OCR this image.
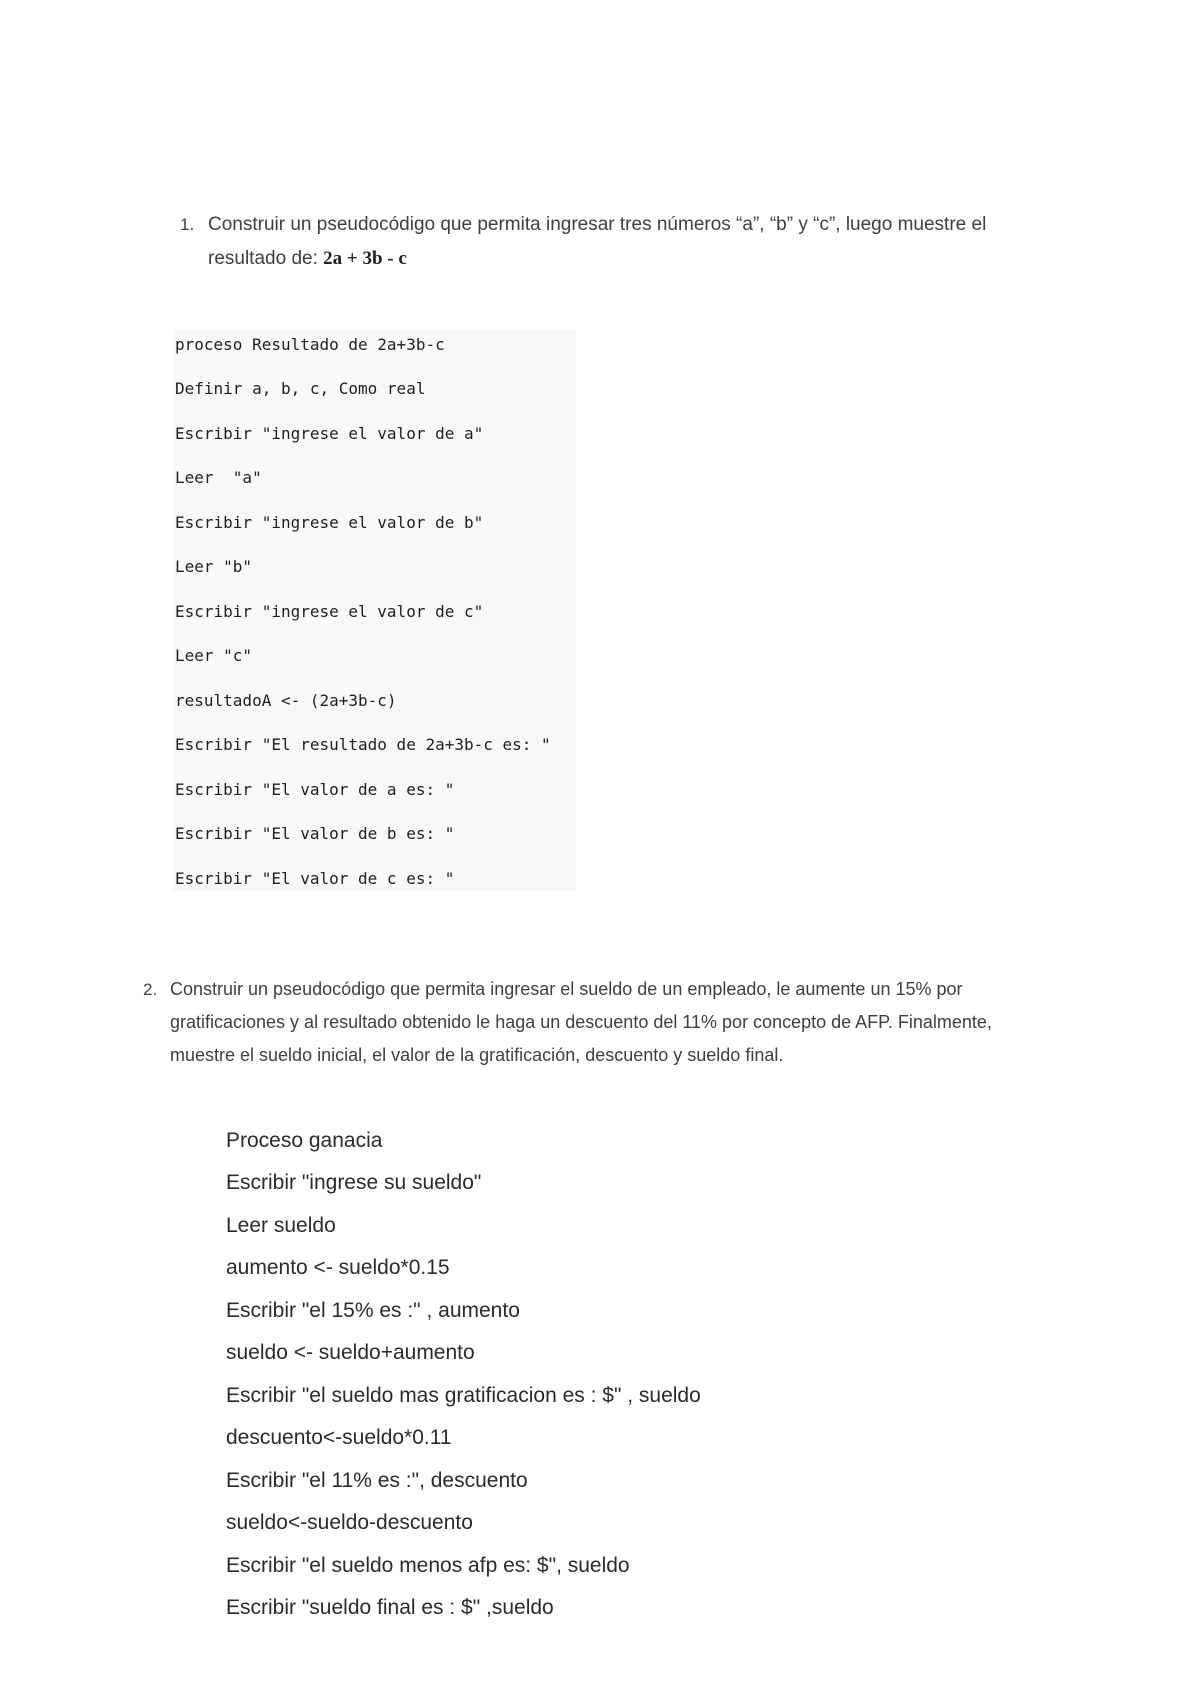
1. Construir un pseudocódigo que permita ingresar tres números “a”, “b” y “c”, luego muestre el resultado de: 2a + 3b - c
proceso Resultado de 2a+3b-c
Definir a, b, c, Como real
Escribir "ingrese el valor de a"
Leer  "a"
Escribir "ingrese el valor de b"
Leer "b"
Escribir "ingrese el valor de c"
Leer "c"
resultadoA <- (2a+3b-c)
Escribir "El resultado de 2a+3b-c es: "
Escribir "El valor de a es: "
Escribir "El valor de b es: "
Escribir "El valor de c es: "
2. Construir un pseudocódigo que permita ingresar el sueldo de un empleado, le aumente un 15% por gratificaciones y al resultado obtenido le haga un descuento del 11% por concepto de AFP. Finalmente, muestre el sueldo inicial, el valor de la gratificación, descuento y sueldo final.
Proceso ganacia
Escribir "ingrese su sueldo"
Leer sueldo
aumento <- sueldo*0.15
Escribir "el 15% es :" , aumento
sueldo <- sueldo+aumento
Escribir "el sueldo mas gratificacion es : $" , sueldo
descuento<-sueldo*0.11
Escribir "el 11% es :", descuento
sueldo<-sueldo-descuento
Escribir "el sueldo menos afp es: $", sueldo
Escribir "sueldo final es : $" ,sueldo
